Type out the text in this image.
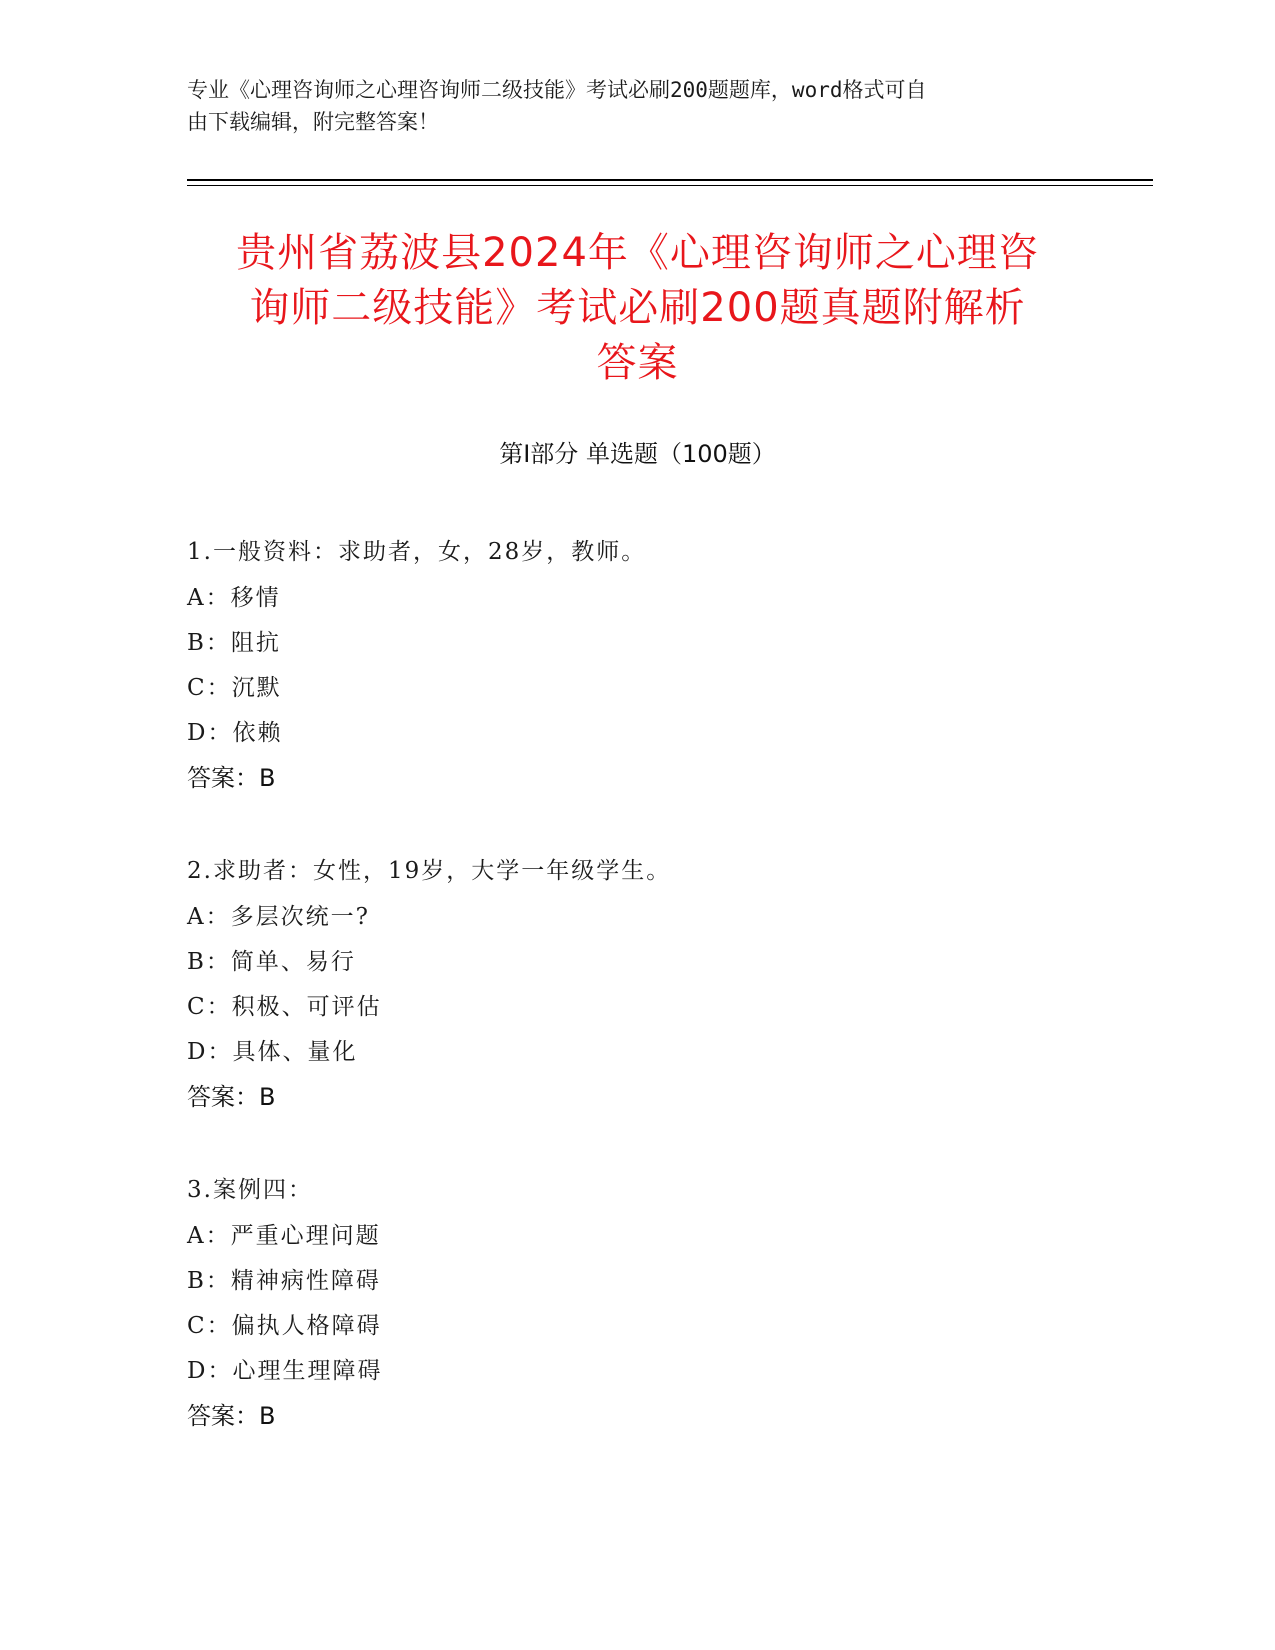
专业《心理咨询师之心理咨询师二级技能》考试必刷200题题库，word格式可自
由下载编辑，附完整答案！
贵州省荔波县2024年《心理咨询师之心理咨
询师二级技能》考试必刷200题真题附解析
答案
第I部分 单选题（100题）
1.一般资料：求助者，女，28岁，教师。
A：移情
B：阻抗
C：沉默
D：依赖
答案：B
2.求助者：女性，19岁，大学一年级学生。
A：多层次统一?
B：简单、易行
C：积极、可评估
D：具体、量化
答案：B
3.案例四：
A：严重心理问题
B：精神病性障碍
C：偏执人格障碍
D：心理生理障碍
答案：B
